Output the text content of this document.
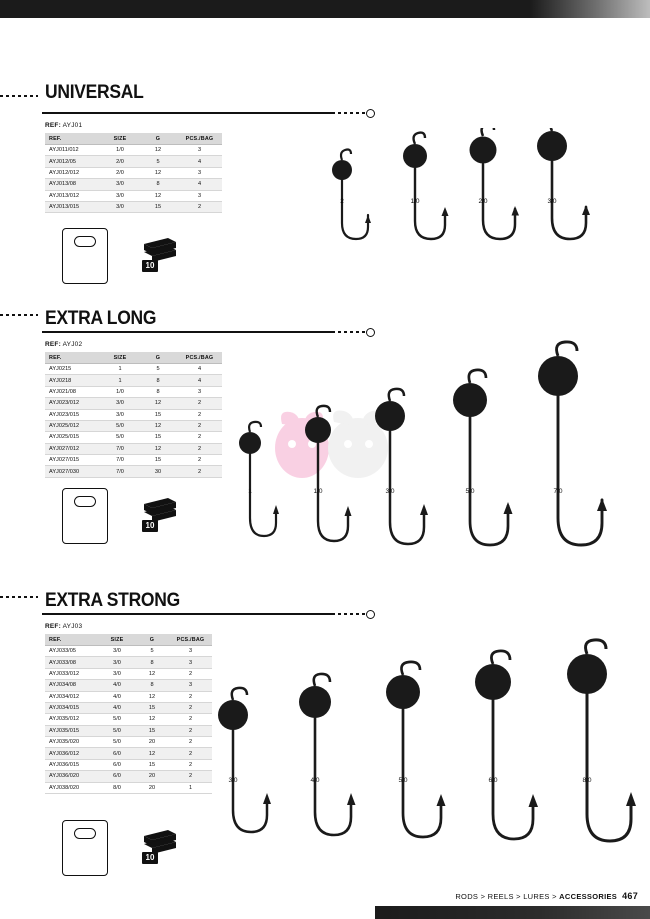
UNIVERSAL
REF: AYJ01
REF.	SIZE	G	PCS./BAG
AYJ011/012	1/0	12	3
AYJ012/05	2/0	5	4
AYJ012/012	2/0	12	3
AYJ013/08	3/0	8	4
AYJ013/012	3/0	12	3
AYJ013/015	3/0	15	2
10
2	1/0	2/0	3/0
EXTRA LONG
REF: AYJ02
REF.	SIZE	G	PCS./BAG
AYJ0215	1	5	4
AYJ0218	1	8	4
AYJ021/08	1/0	8	3
AYJ023/012	3/0	12	2
AYJ023/015	3/0	15	2
AYJ025/012	5/0	12	2
AYJ025/015	5/0	15	2
AYJ027/012	7/0	12	2
AYJ027/015	7/0	15	2
AYJ027/030	7/0	30	2
10
1	1/0	3/0	5/0	7/0
EXTRA STRONG
REF: AYJ03
REF.	SIZE	G	PCS./BAG
AYJ033/05	3/0	5	3
AYJ033/08	3/0	8	3
AYJ033/012	3/0	12	2
AYJ034/08	4/0	8	3
AYJ034/012	4/0	12	2
AYJ034/015	4/0	15	2
AYJ035/012	5/0	12	2
AYJ035/015	5/0	15	2
AYJ035/020	5/0	20	2
AYJ036/012	6/0	12	2
AYJ036/015	6/0	15	2
AYJ036/020	6/0	20	2
AYJ038/020	8/0	20	1
10
3/0	4/0	5/0	6/0	8/0
RODS > REELS > LURES > ACCESSORIES 467
